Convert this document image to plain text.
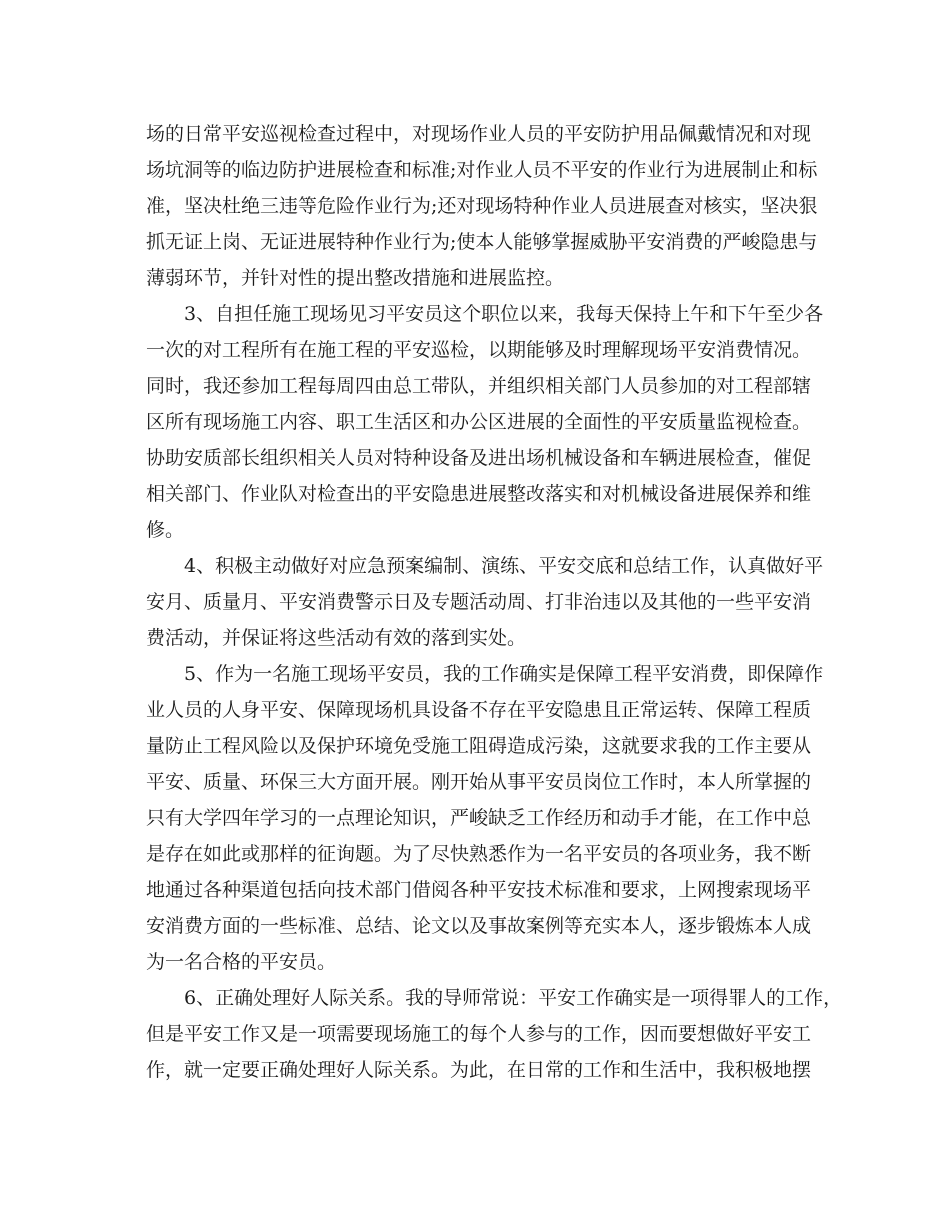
场的日常平安巡视检查过程中，对现场作业人员的平安防护用品佩戴情况和对现
场坑洞等的临边防护进展检查和标准;对作业人员不平安的作业行为进展制止和标
准，坚决杜绝三违等危险作业行为;还对现场特种作业人员进展查对核实，坚决狠
抓无证上岗、无证进展特种作业行为;使本人能够掌握威胁平安消费的严峻隐患与
薄弱环节，并针对性的提出整改措施和进展监控。
3、自担任施工现场见习平安员这个职位以来，我每天保持上午和下午至少各
一次的对工程所有在施工程的平安巡检，以期能够及时理解现场平安消费情况。
同时，我还参加工程每周四由总工带队，并组织相关部门人员参加的对工程部辖
区所有现场施工内容、职工生活区和办公区进展的全面性的平安质量监视检查。
协助安质部长组织相关人员对特种设备及进出场机械设备和车辆进展检查，催促
相关部门、作业队对检查出的平安隐患进展整改落实和对机械设备进展保养和维
修。
4、积极主动做好对应急预案编制、演练、平安交底和总结工作，认真做好平
安月、质量月、平安消费警示日及专题活动周、打非治违以及其他的一些平安消
费活动，并保证将这些活动有效的落到实处。
5、作为一名施工现场平安员，我的工作确实是保障工程平安消费，即保障作
业人员的人身平安、保障现场机具设备不存在平安隐患且正常运转、保障工程质
量防止工程风险以及保护环境免受施工阻碍造成污染，这就要求我的工作主要从
平安、质量、环保三大方面开展。刚开始从事平安员岗位工作时，本人所掌握的
只有大学四年学习的一点理论知识，严峻缺乏工作经历和动手才能，在工作中总
是存在如此或那样的征询题。为了尽快熟悉作为一名平安员的各项业务，我不断
地通过各种渠道包括向技术部门借阅各种平安技术标准和要求，上网搜索现场平
安消费方面的一些标准、总结、论文以及事故案例等充实本人，逐步锻炼本人成
为一名合格的平安员。
6、正确处理好人际关系。我的导师常说：平安工作确实是一项得罪人的工作，
但是平安工作又是一项需要现场施工的每个人参与的工作，因而要想做好平安工
作，就一定要正确处理好人际关系。为此，在日常的工作和生活中，我积极地摆
